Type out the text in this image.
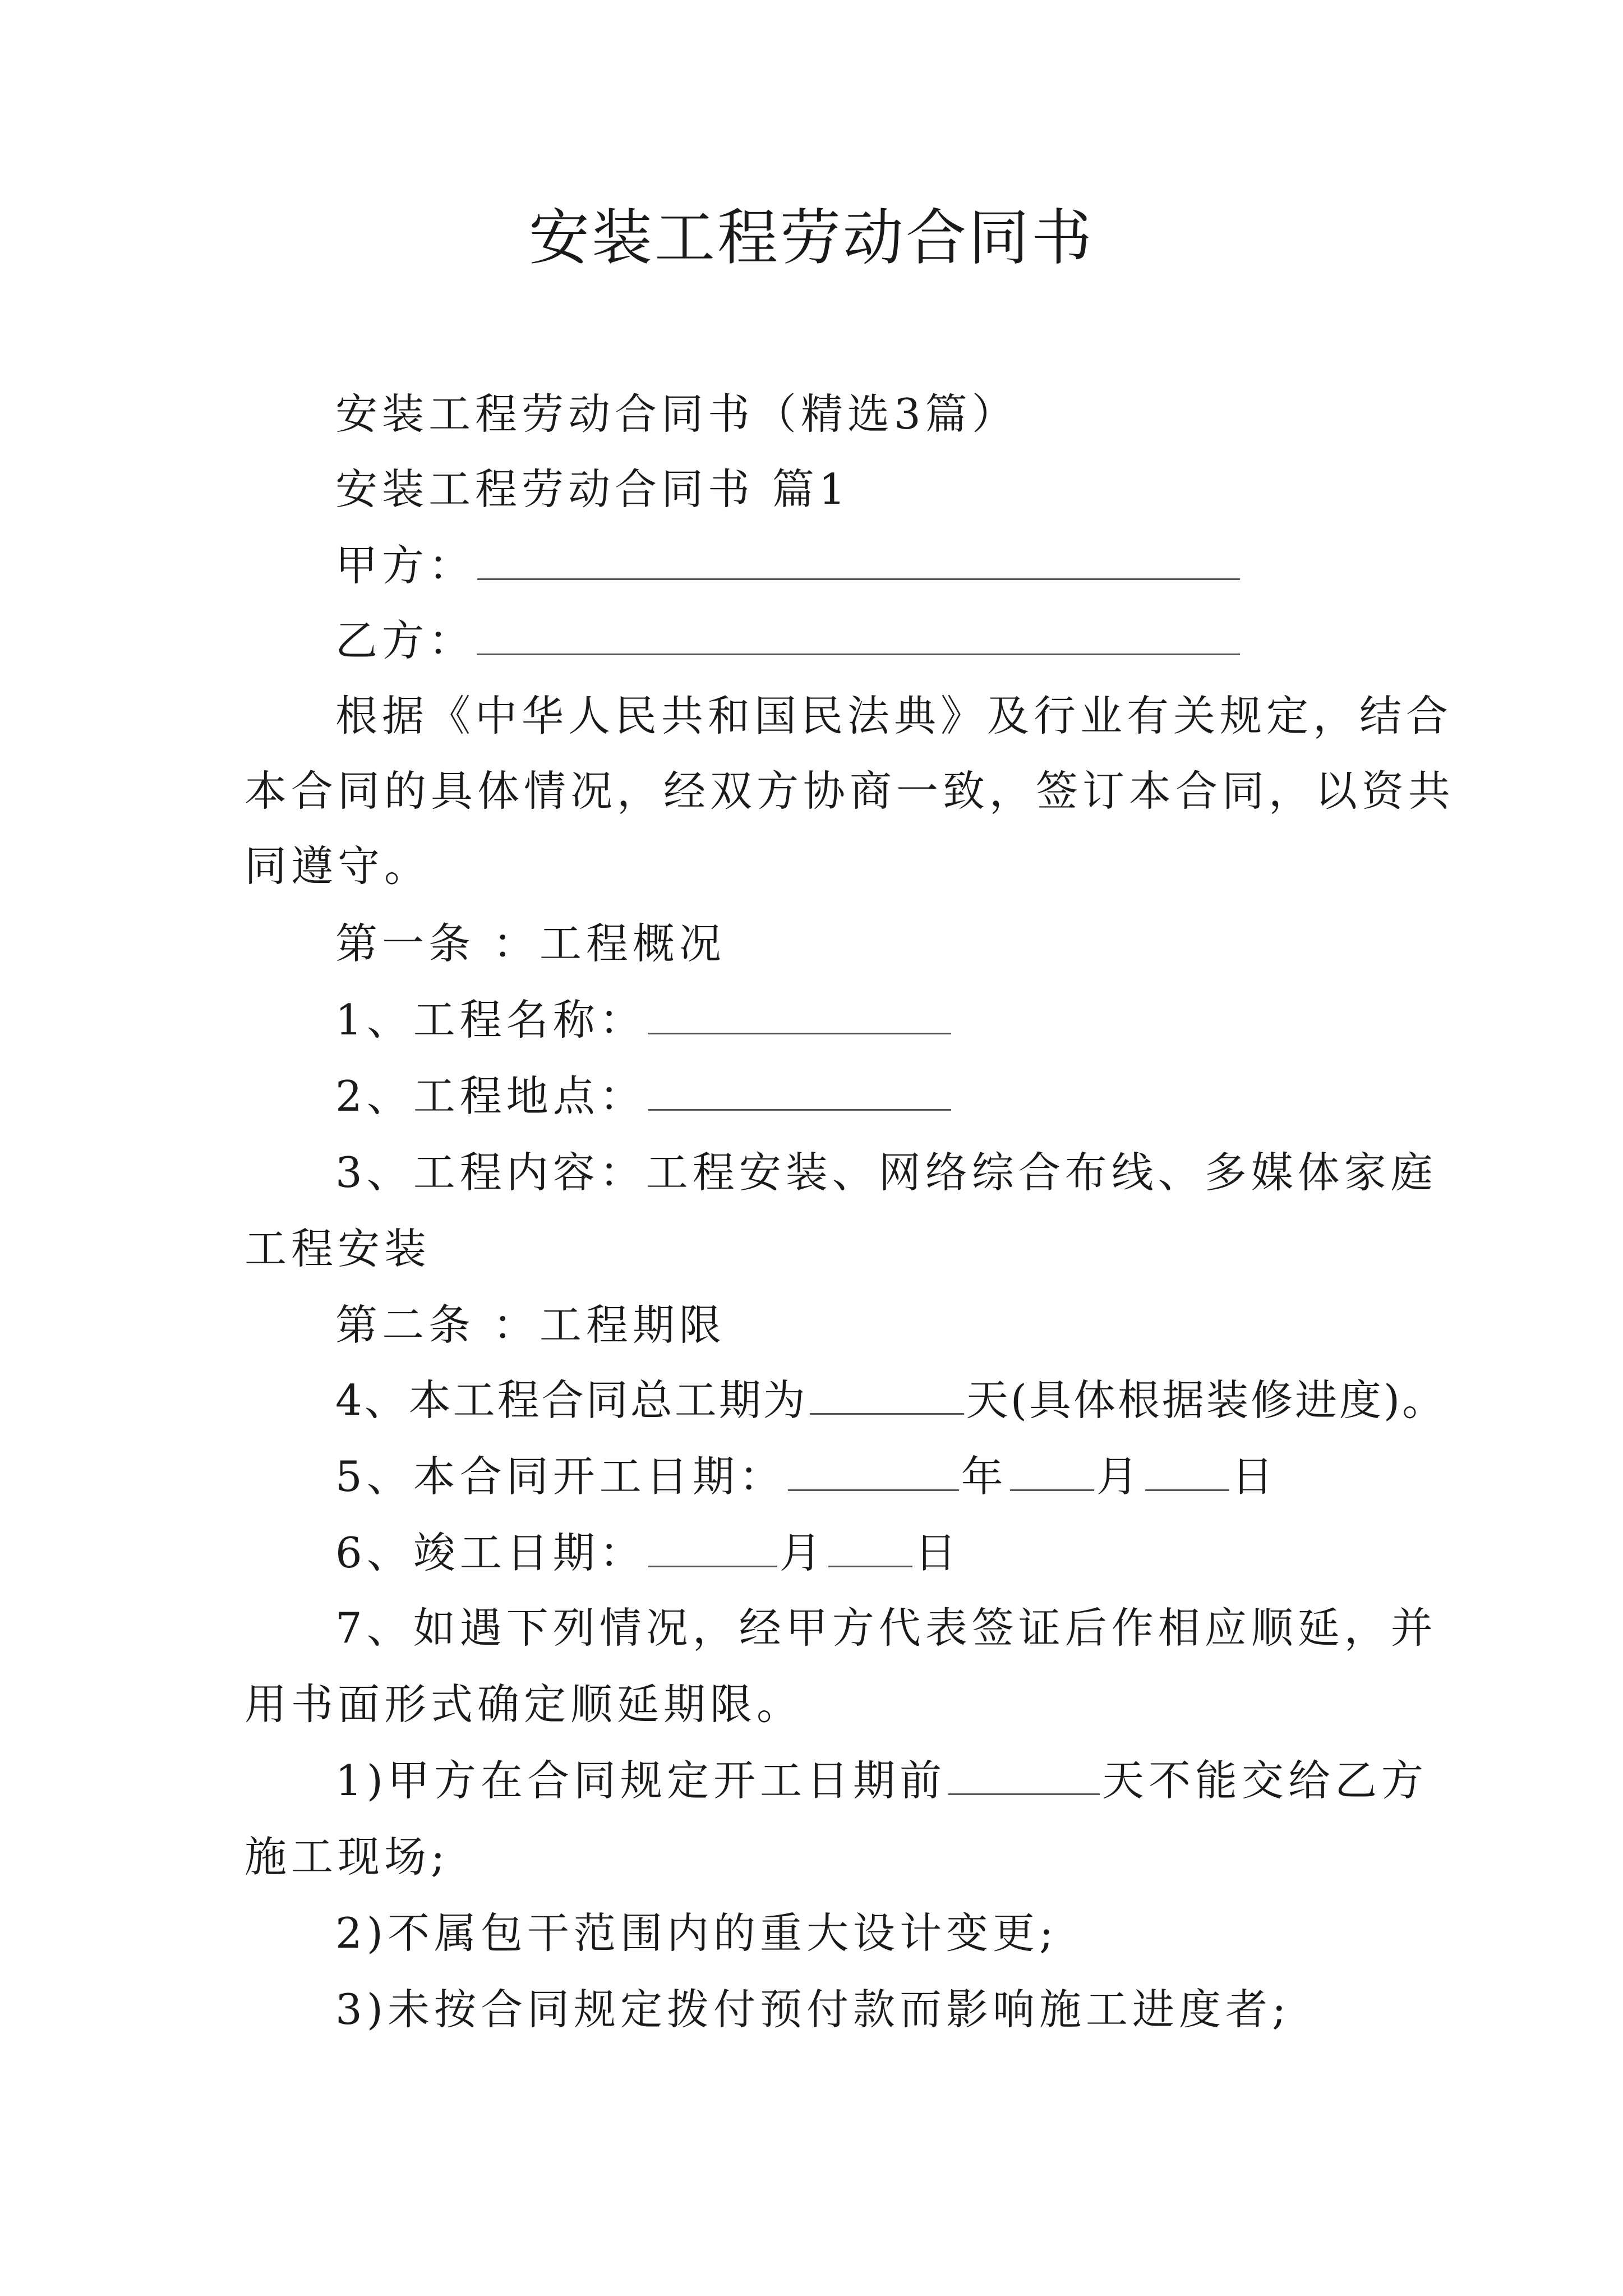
安装工程劳动合同书
安装工程劳动合同书（精选3篇）
安装工程劳动合同书 篇1
甲方：
乙方：
根据《中华人民共和国民法典》及行业有关规定，结合
本合同的具体情况，经双方协商一致，签订本合同，以资共
同遵守。
第一条 ：工程概况
1、工程名称：
2、工程地点：
3、工程内容：工程安装、网络综合布线、多媒体家庭
工程安装
第二条 ：工程期限
4、本工程合同总工期为	天(具体根据装修进度)。
5、本合同开工日期：	年 月 日
6、竣工日期：	月 日
7、如遇下列情况，经甲方代表签证后作相应顺延，并
用书面形式确定顺延期限。
1)甲方在合同规定开工日期前	天不能交给乙方
施工现场;
2)不属包干范围内的重大设计变更;
3)未按合同规定拨付预付款而影响施工进度者;
